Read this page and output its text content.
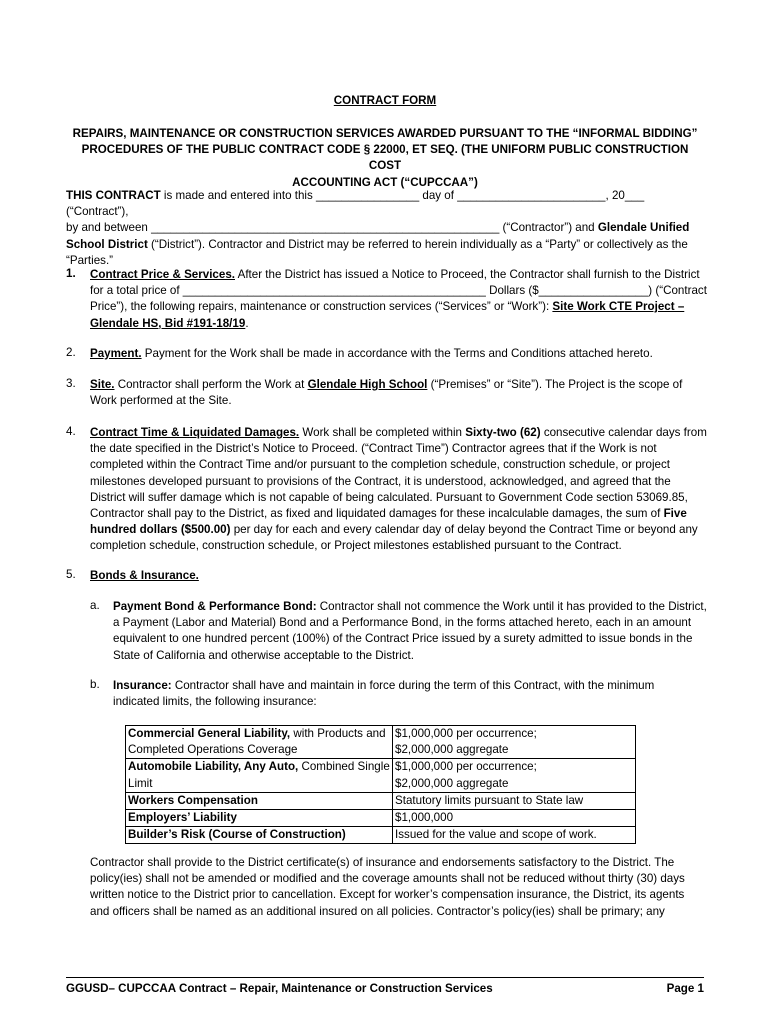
CONTRACT FORM
REPAIRS, MAINTENANCE OR CONSTRUCTION SERVICES AWARDED PURSUANT TO THE “INFORMAL BIDDING”
PROCEDURES OF THE PUBLIC CONTRACT CODE § 22000, ET SEQ. (THE UNIFORM PUBLIC CONSTRUCTION COST
ACCOUNTING ACT (“CUPCCAA”)
THIS CONTRACT is made and entered into this ________________ day of _______________________, 20___ (“Contract”),
by and between ______________________________________________________ (“Contractor”) and Glendale Unified
School District (“District”). Contractor and District may be referred to herein individually as a “Party” or collectively as the
“Parties.”
1.	Contract Price & Services. After the District has issued a Notice to Proceed, the Contractor shall furnish to the District
for a total price of _______________________________________________ Dollars ($_________________) (“Contract
Price”), the following repairs, maintenance or construction services (“Services” or “Work”): Site Work CTE Project –
Glendale HS, Bid #191-18/19.
2.	Payment. Payment for the Work shall be made in accordance with the Terms and Conditions attached hereto.
3.	Site. Contractor shall perform the Work at Glendale High School (“Premises” or “Site”). The Project is the scope of
Work performed at the Site.
4.	Contract Time & Liquidated Damages. Work shall be completed within Sixty-two (62) consecutive calendar days from
the date specified in the District’s Notice to Proceed. (“Contract Time”) Contractor agrees that if the Work is not
completed within the Contract Time and/or pursuant to the completion schedule, construction schedule, or project
milestones developed pursuant to provisions of the Contract, it is understood, acknowledged, and agreed that the
District will suffer damage which is not capable of being calculated. Pursuant to Government Code section 53069.85,
Contractor shall pay to the District, as fixed and liquidated damages for these incalculable damages, the sum of Five
hundred dollars ($500.00) per day for each and every calendar day of delay beyond the Contract Time or beyond any
completion schedule, construction schedule, or Project milestones established pursuant to the Contract.
5.	Bonds & Insurance.
a.	Payment Bond & Performance Bond: Contractor shall not commence the Work until it has provided to the District,
a Payment (Labor and Material) Bond and a Performance Bond, in the forms attached hereto, each in an amount
equivalent to one hundred percent (100%) of the Contract Price issued by a surety admitted to issue bonds in the
State of California and otherwise acceptable to the District.
b.	Insurance: Contractor shall have and maintain in force during the term of this Contract, with the minimum
indicated limits, the following insurance:
Commercial General Liability, with Products and
Completed Operations Coverage	$1,000,000 per occurrence;
$2,000,000 aggregate
Automobile Liability, Any Auto, Combined Single
Limit	$1,000,000 per occurrence;
$2,000,000 aggregate
Workers Compensation	Statutory limits pursuant to State law
Employers’ Liability	$1,000,000
Builder’s Risk (Course of Construction)	Issued for the value and scope of work.
Contractor shall provide to the District certificate(s) of insurance and endorsements satisfactory to the District. The
policy(ies) shall not be amended or modified and the coverage amounts shall not be reduced without thirty (30) days
written notice to the District prior to cancellation. Except for worker’s compensation insurance, the District, its agents
and officers shall be named as an additional insured on all policies. Contractor’s policy(ies) shall be primary; any
GGUSD– CUPCCAA Contract – Repair, Maintenance or Construction Services	Page 1
